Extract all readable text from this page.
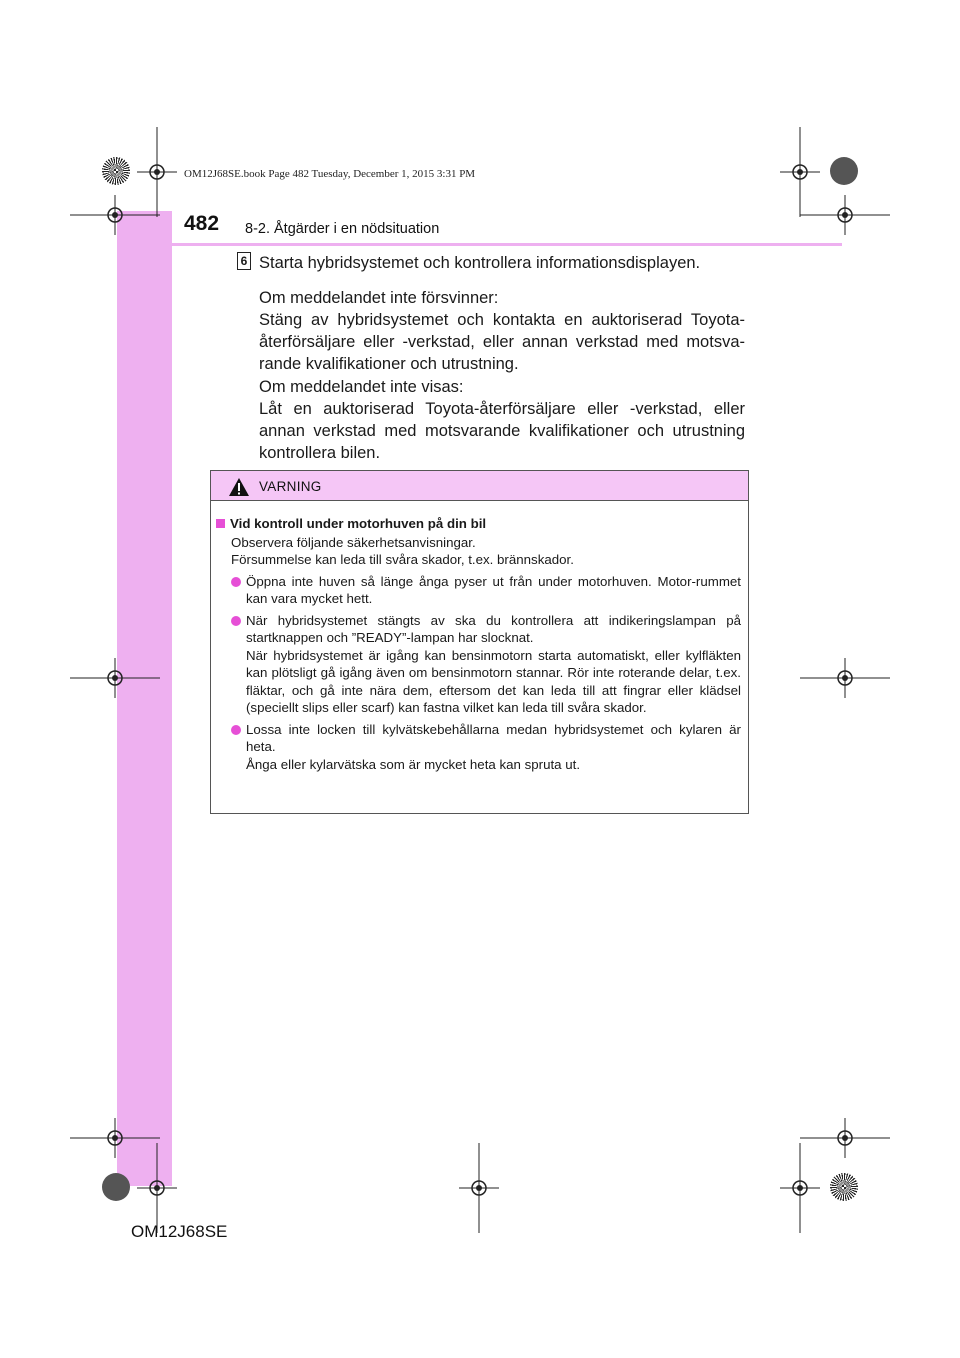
OM12J68SE.book Page 482 Tuesday, December 1, 2015 3:31 PM
482 8-2. Åtgärder i en nödsituation
6 Starta hybridsystemet och kontrollera informationsdisplayen.
Om meddelandet inte försvinner:
Stäng av hybridsystemet och kontakta en auktoriserad Toyota-återförsäljare eller -verkstad, eller annan verkstad med motsva-rande kvalifikationer och utrustning.
Om meddelandet inte visas:
Låt en auktoriserad Toyota-återförsäljare eller -verkstad, eller annan verkstad med motsvarande kvalifikationer och utrustning kontrollera bilen.
VARNING
Vid kontroll under motorhuven på din bil
Observera följande säkerhetsanvisningar.
Försummelse kan leda till svåra skador, t.ex. brännskador.
Öppna inte huven så länge ånga pyser ut från under motorhuven. Motor-rummet kan vara mycket hett.
När hybridsystemet stängts av ska du kontrollera att indikeringslampan på startknappen och ”READY”-lampan har slocknat.
När hybridsystemet är igång kan bensinmotorn starta automatiskt, eller kylfläkten kan plötsligt gå igång även om bensinmotorn stannar. Rör inte roterande delar, t.ex. fläktar, och gå inte nära dem, eftersom det kan leda till att fingrar eller klädsel (speciellt slips eller scarf) kan fastna vilket kan leda till svåra skador.
Lossa inte locken till kylvätskebehållarna medan hybridsystemet och kylaren är heta.
Ånga eller kylarvätska som är mycket heta kan spruta ut.
OM12J68SE
